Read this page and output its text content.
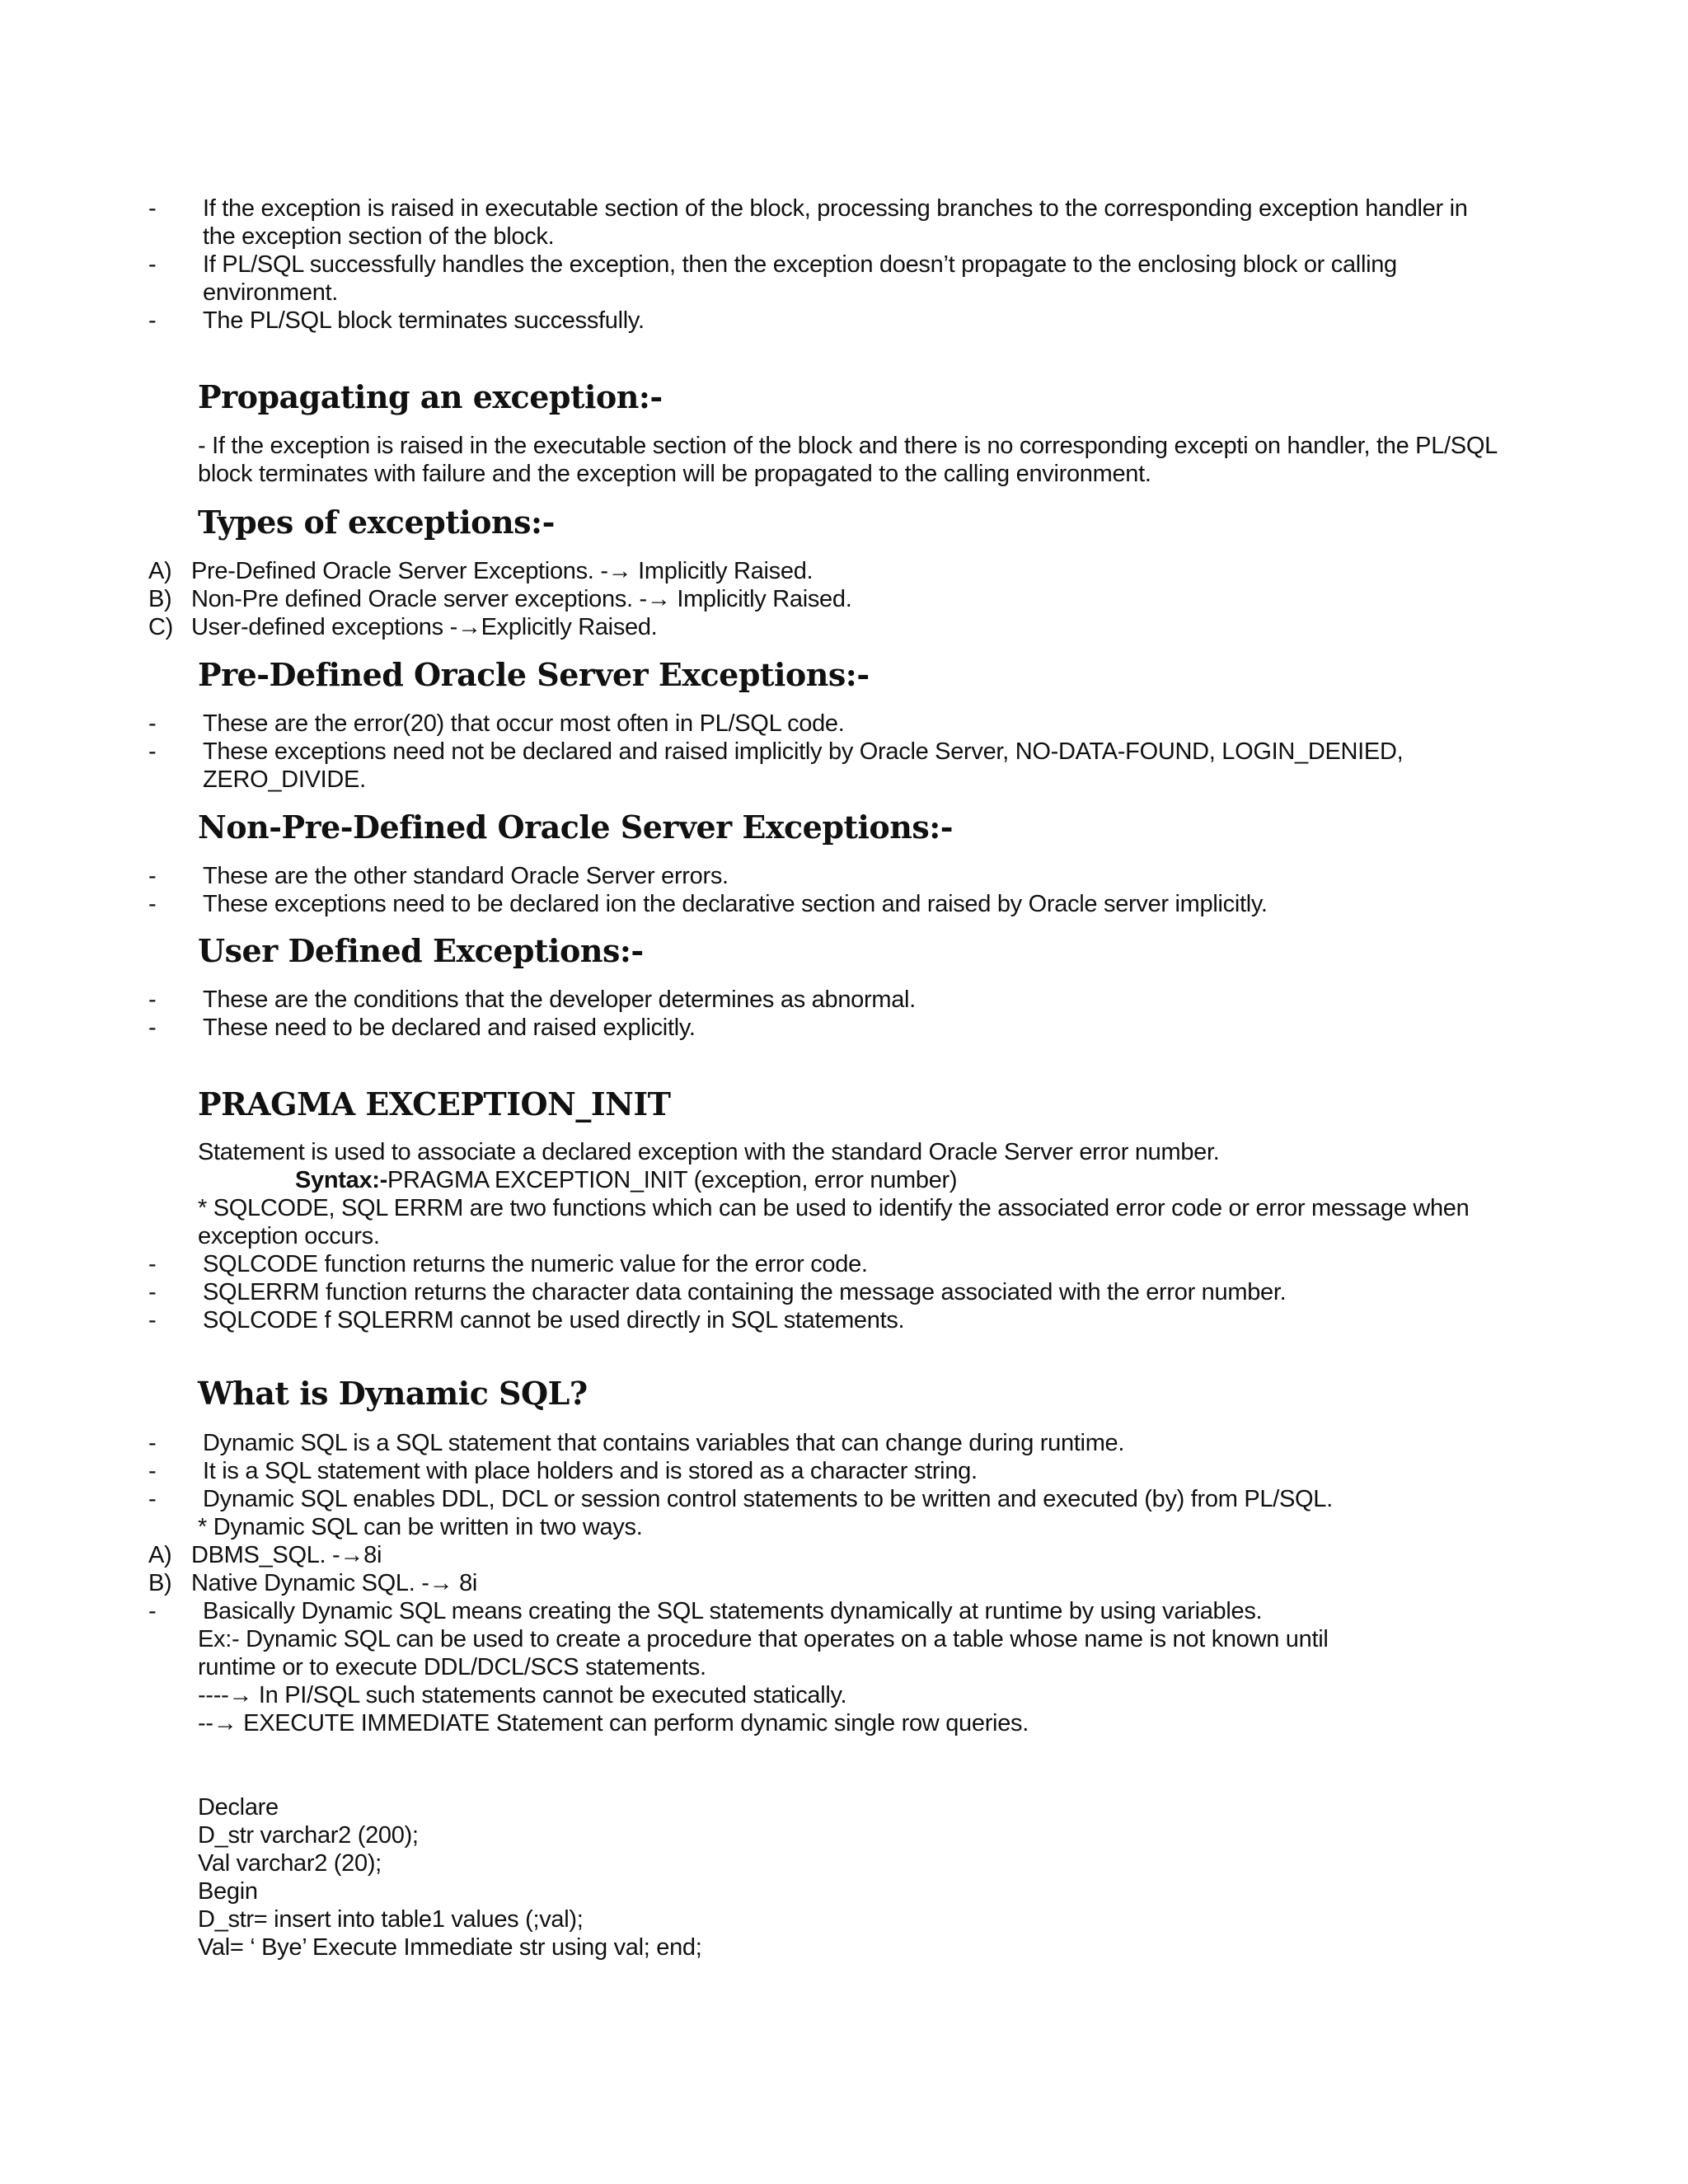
- If the exception is raised in executable section of the block, processing branches to the corresponding exception handler in the exception section of the block.
- If PL/SQL successfully handles the exception, then the exception doesn’t propagate to the enclosing block or calling environment.
- The PL/SQL block terminates successfully.
Propagating an exception:-
- If the exception is raised in the executable section of the block and there is no corresponding excepti on handler, the PL/SQL block terminates with failure and the exception will be propagated to the calling environment.
Types of exceptions:-
A) Pre-Defined Oracle Server Exceptions. -→ Implicitly Raised.
B) Non-Pre defined Oracle server exceptions. -→ Implicitly Raised.
C) User-defined exceptions -→Explicitly Raised.
Pre-Defined Oracle Server Exceptions:-
- These are the error(20) that occur most often in PL/SQL code.
- These exceptions need not be declared and raised implicitly by Oracle Server, NO-DATA-FOUND, LOGIN_DENIED, ZERO_DIVIDE.
Non-Pre-Defined Oracle Server Exceptions:-
- These are the other standard Oracle Server errors.
- These exceptions need to be declared ion the declarative section and raised by Oracle server implicitly.
User Defined Exceptions:-
- These are the conditions that the developer determines as abnormal.
- These need to be declared and raised explicitly.
PRAGMA EXCEPTION_INIT
Statement is used to associate a declared exception with the standard Oracle Server error number.
Syntax:-PRAGMA EXCEPTION_INIT (exception, error number)
* SQLCODE, SQL ERRM are two functions which can be used to identify the associated error code or error message when exception occurs.
- SQLCODE function returns the numeric value for the error code.
- SQLERRM function returns the character data containing the message associated with the error number.
- SQLCODE f SQLERRM cannot be used directly in SQL statements.
What is Dynamic SQL?
- Dynamic SQL is a SQL statement that contains variables that can change during runtime.
- It is a SQL statement with place holders and is stored as a character string.
- Dynamic SQL enables DDL, DCL or session control statements to be written and executed (by) from PL/SQL.
* Dynamic SQL can be written in two ways.
A) DBMS_SQL. -→8i
B) Native Dynamic SQL. -→ 8i
- Basically Dynamic SQL means creating the SQL statements dynamically at runtime by using variables.
Ex:- Dynamic SQL can be used to create a procedure that operates on a table whose name is not known until runtime or to execute DDL/DCL/SCS statements.
----→ In PI/SQL such statements cannot be executed statically.
--→ EXECUTE IMMEDIATE Statement can perform dynamic single row queries.
Declare
D_str varchar2 (200);
Val varchar2 (20);
Begin
D_str= insert into table1 values (;val);
Val= ‘ Bye’ Execute Immediate str using val; end;
